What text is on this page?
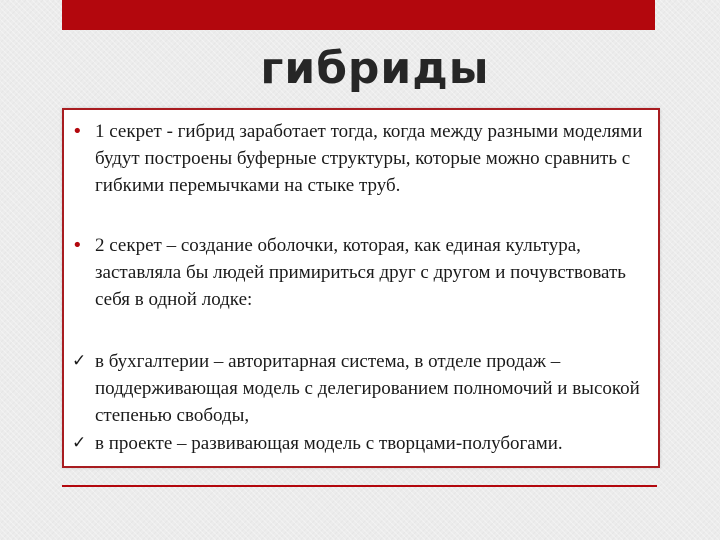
гибриды
• 1 секрет - гибрид заработает тогда, когда между разными моделями будут построены буферные структуры, которые можно сравнить с гибкими перемычками на стыке труб.
• 2 секрет – создание оболочки, которая, как единая культура, заставляла бы людей примириться друг с другом и почувствовать себя в одной лодке:
✓ в бухгалтерии – авторитарная система, в отделе продаж – поддерживающая модель с делегированием полномочий и высокой степенью свободы,
✓ в проекте – развивающая модель с творцами-полубогами.
